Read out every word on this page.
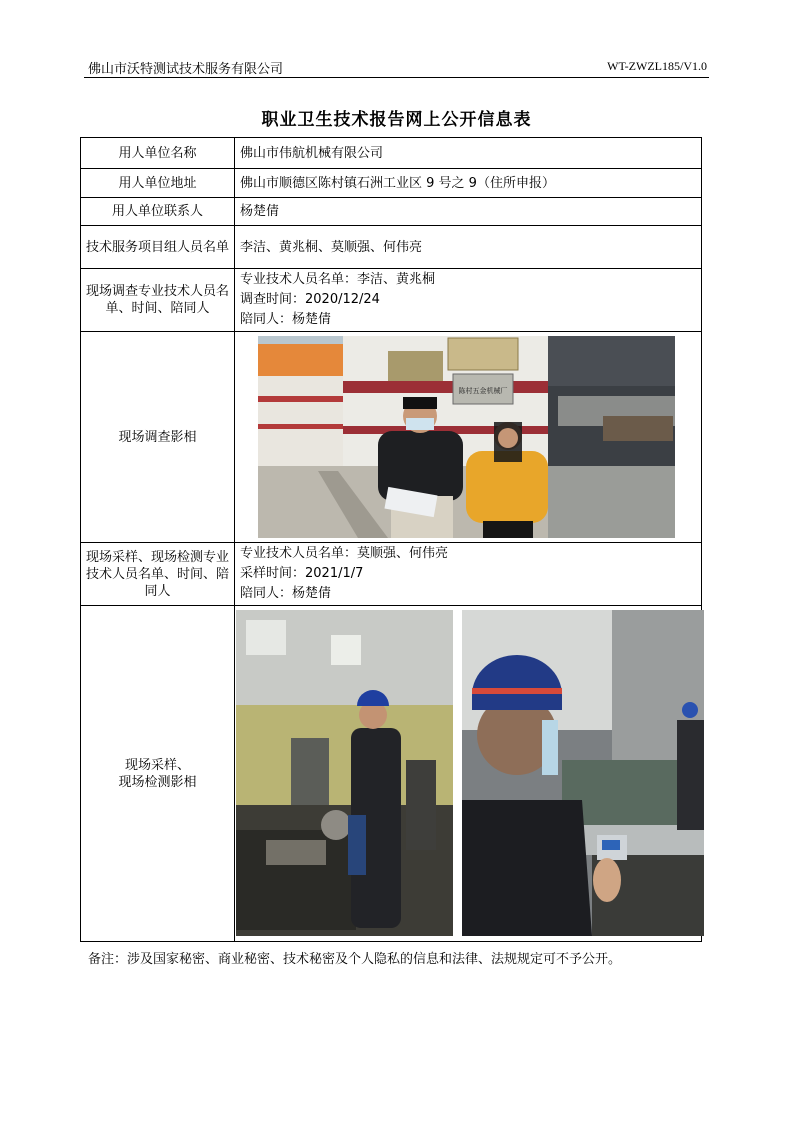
佛山市沃特测试技术服务有限公司	WT-ZWZL185/V1.0
职业卫生技术报告网上公开信息表
用人单位名称	佛山市伟航机械有限公司
用人单位地址	佛山市顺德区陈村镇石洲工业区 9 号之 9（住所申报）
用人单位联系人	杨楚倩
技术服务项目组人员名单	李洁、黄兆桐、莫顺强、何伟亮
现场调查专业技术人员名单、时间、陪同人	专业技术人员名单：李洁、黄兆桐
调查时间：2020/12/24
陪同人：杨楚倩

现场调查影相	陈村五金机械厂

现场采样、现场检测专业技术人员名单、时间、陪同人	专业技术人员名单：莫顺强、何伟亮
采样时间：2021/1/7
陪同人：杨楚倩

现场采样、
现场检测影相

备注：涉及国家秘密、商业秘密、技术秘密及个人隐私的信息和法律、法规规定可不予公开。
